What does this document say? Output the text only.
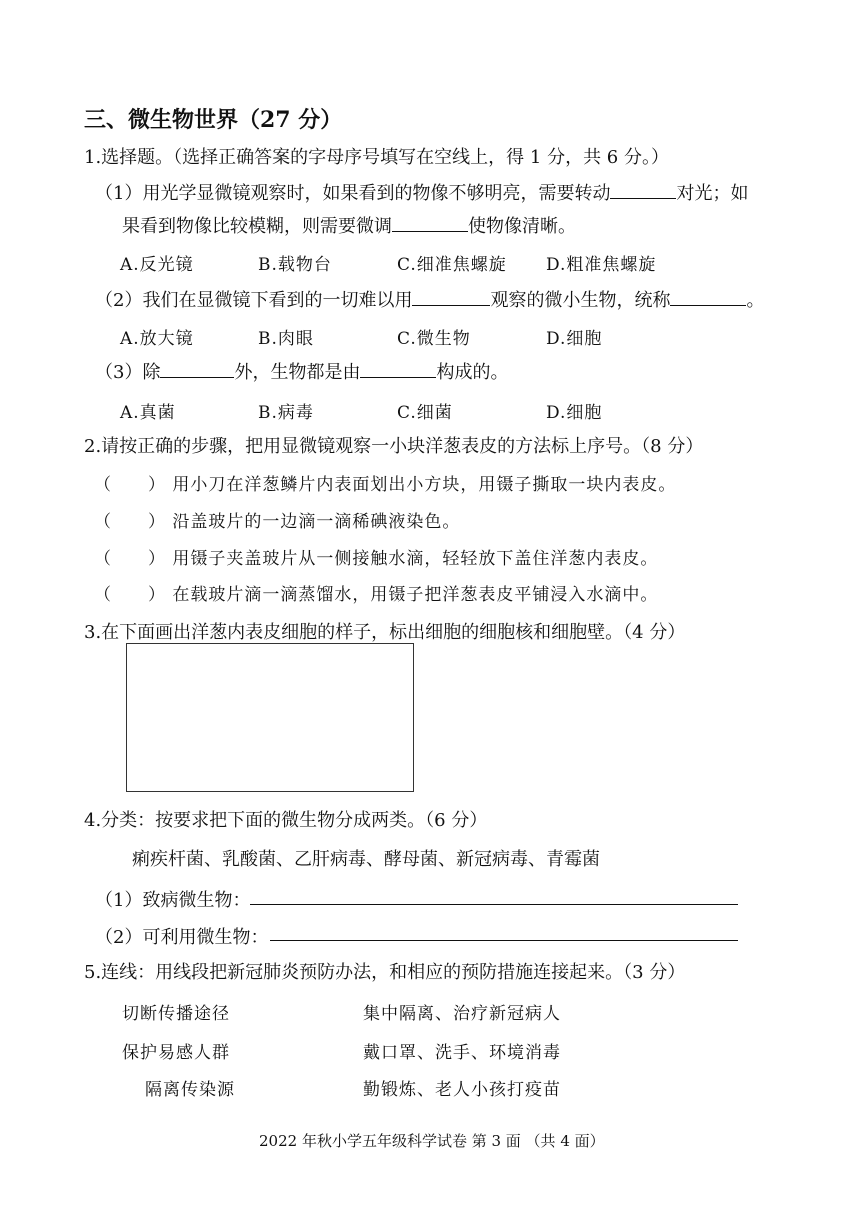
三、微生物世界（27 分）
1.选择题。（选择正确答案的字母序号填写在空线上，得 1 分，共 6 分。）
（1）用光学显微镜观察时，如果看到的物像不够明亮，需要转动	对光；如
果看到物像比较模糊，则需要微调	使物像清晰。
A.反光镜	B.载物台	C.细准焦螺旋 D.粗准焦螺旋
（2）我们在显微镜下看到的一切难以用	观察的微小生物，统称	。
A.放大镜	B.肉眼	C.微生物	D.细胞
（3）除	外，生物都是由	构成的。
A.真菌	B.病毒	C.细菌	D.细胞
2.请按正确的步骤，把用显微镜观察一小块洋葱表皮的方法标上序号。（8 分）
（　　） 用小刀在洋葱鳞片内表面划出小方块，用镊子撕取一块内表皮。
（　　） 沿盖玻片的一边滴一滴稀碘液染色。
（　　） 用镊子夹盖玻片从一侧接触水滴，轻轻放下盖住洋葱内表皮。
（　　） 在载玻片滴一滴蒸馏水，用镊子把洋葱表皮平铺浸入水滴中。
3.在下面画出洋葱内表皮细胞的样子，标出细胞的细胞核和细胞壁。（4 分）
4.分类：按要求把下面的微生物分成两类。（6 分）
痢疾杆菌、乳酸菌、乙肝病毒、酵母菌、新冠病毒、青霉菌
（1）致病微生物：
（2）可利用微生物：
5.连线：用线段把新冠肺炎预防办法，和相应的预防措施连接起来。（3 分）
切断传播途径
保护易感人群
隔离传染源
集中隔离、治疗新冠病人
戴口罩、洗手、环境消毒
勤锻炼、老人小孩打疫苗
2022 年秋小学五年级科学试卷 第 3 面 （共 4 面）
